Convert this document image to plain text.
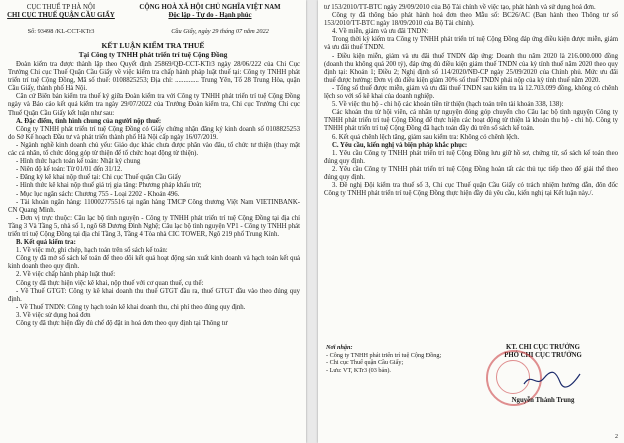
CỤC THUẾ TP HÀ NỘI
CHI CỤC THUẾ QUẬN CẦU GIẤY
CỘNG HOÀ XÃ HỘI CHỦ NGHĨA VIỆT NAM
Độc lập - Tự do - Hạnh phúc
Số: 93498 /KL-CCT-KTr3	Cầu Giấy, ngày 29 tháng 07 năm 2022
KẾT LUẬN KIỂM TRA THUẾ
Tại Công ty TNHH phát triển trí tuệ Cộng Đồng

Đoàn kiểm tra được thành lập theo Quyết định 25869/QĐ-CCT-KTr3 ngày 28/06/222 của Chi Cục Trưởng Chi cục Thuế Quận Cầu Giấy về việc kiểm tra chấp hành pháp luật thuế tại: Công ty TNHH phát triển trí tuệ Cộng Đồng, Mã số thuế: 0108825253; Địa chỉ: .............. Trung Yên, Tổ 28 Trung Hòa, quận Cầu Giấy, thành phố Hà Nội.

Căn cứ Biên bản kiểm tra thuế ký giữa Đoàn kiểm tra với Công ty TNHH phát triển trí tuệ Cộng Đồng ngày và Báo cáo kết quả kiểm tra ngày 29/07/2022 của Trưởng Đoàn kiểm tra, Chi cục Trưởng Chi cục Thuế Quận Cầu Giấy kết luận như sau:

A. Đặc điểm, tình hình chung của người nộp thuế:

Công ty TNHH phát triển trí tuệ Cộng Đồng có Giấy chứng nhận đăng ký kinh doanh số 0108825253 do Sở Kế hoạch Đầu tư và phát triển thành phố Hà Nội cấp ngày 16/07/2019.

- Ngành nghề kinh doanh chủ yếu: Giáo dục khác chưa được phân vào đâu, tổ chức tư thiện (thay mặt các cá nhân, tổ chức đóng góp từ thiện để tổ chức hoạt động từ thiện).

- Hình thức hạch toán kế toán: Nhật ký chung

- Niên độ kế toán: Từ 01/01 đến 31/12.

- Đăng ký kê khai nộp thuế tại: Chi cục Thuế quận Cầu Giấy

- Hình thức kê khai nộp thuế giá trị gia tăng: Phương pháp khấu trừ;

- Mục lục ngân sách: Chương 755 - Loại 2202 - Khoản 496.

- Tài khoản ngân hàng: 110002775516 tại ngân hàng TMCP Công thương Việt Nam VIETINBANK- CN Quang Minh.

- Đơn vị trực thuộc: Câu lạc bộ tình nguyện - Công ty TNHH phát triển trí tuệ Cộng Đồng tại địa chỉ Tầng 3 Và Tầng 5, nhà số 1, ngõ 68 Dương Đình Nghệ; Câu lạc bộ tình nguyện VP1 - Công ty TNHH phát triển trí tuệ Cộng Đồng tại địa chỉ Tầng 3, Tầng 4 Tòa nhà CIC TOWER, Ngõ 219 phố Trung Kính.

B. Kết quả kiểm tra:

1. Về việc mở, ghi chép, hạch toán trên sổ sách kế toán:

Công ty đã mở sổ sách kế toán để theo dõi kết quả hoạt động sản xuất kinh doanh và hạch toán kết quả kinh doanh theo quy định.

2. Về việc chấp hành pháp luật thuế:

Công ty đã thực hiện việc kê khai, nộp thuế với cơ quan thuế, cụ thể:

- Về Thuế GTGT: Công ty kê khai doanh thu thuế GTGT đầu ra, thuế GTGT đầu vào theo đúng quy định.

- Về Thuế TNDN: Công ty hạch toán kê khai doanh thu, chi phí theo đúng quy định.

3. Về việc sử dụng hoá đơn

Công ty đã thực hiện đầy đủ chế độ đặt in hoá đơn theo quy định tại Thông tư

tư 153/2010/TT-BTC ngày 29/09/2010 của Bộ Tài chính về việc tạo, phát hành và sử dụng hoá đơn.

Công ty đã thông báo phát hành hoá đơn theo Mẫu số: BC26/AC (Ban hành theo Thông tư số 153/2010/TT-BTC ngày 18/09/2010 của Bộ Tài chính).

4. Về miễn, giảm và ưu đãi TNDN:

Trong thời kỳ kiểm tra Công ty TNHH phát triển trí tuệ Cộng Đồng đáp ứng điều kiện được miễn, giảm và ưu đãi thuế TNDN.

- Điều kiện miễn, giảm và ưu đãi thuế TNDN đáp ứng: Doanh thu năm 2020 là 216.000.000 đồng (doanh thu không quá 200 tỷ), đáp ứng đủ điều kiện giảm thuế TNDN của kỳ tính thuế năm 2020 theo quy định tại: Khoản 1; Điều 2; Nghị định số 114/2020/NĐ-CP ngày 25/09/2020 của Chính phủ. Mức ưu đãi thuế được hưởng: Đơn vị đủ điều kiện giảm 30% số thuế TNDN phải nộp của kỳ tính thuế năm 2020.

- Tổng số thuế được miễn, giảm và ưu đãi thuế TNDN sau kiểm tra là 12.703.099 đồng, không có chênh lệch so với số kê khai của doanh nghiệp.

5. Về việc thu hộ - chi hộ các khoản tiền từ thiện (hạch toán trên tài khoản 338, 138):

Các khoản thu từ hội viên, cá nhân tự nguyện đóng góp chuyển cho Câu lạc bộ tình nguyện Công ty TNHH phát triển trí tuệ Cộng Đồng để thực hiện các hoạt động từ thiện là khoản thu hộ - chi hộ. Công ty TNHH phát triển trí tuệ Cộng Đồng đã hạch toán đầy đủ trên sổ sách kế toán.

6. Kết quả chênh lệch tăng, giảm sau kiểm tra: Không có chênh lệch.

C. Yêu cầu, kiến nghị và biện pháp khắc phục:

1. Yêu cầu Công ty TNHH phát triển trí tuệ Cộng Đồng lưu giữ hồ sơ, chứng từ, sổ sách kế toán theo đúng quy định.

2. Yêu cầu Công ty TNHH phát triển trí tuệ Cộng Đồng hoàn tất các thủ tục tiếp theo để giải thể theo đúng quy định.

3. Đề nghị Đội kiểm tra thuế số 3, Chi cục Thuế quận Cầu Giấy có trách nhiệm hướng dẫn, đôn đốc Công ty TNHH phát triển trí tuệ Cộng Đồng thực hiện đầy đủ yêu cầu, kiến nghị tại Kết luận này./.

Nơi nhận:
- Công ty TNHH phát triển trí tuệ Cộng Đồng;
- Chi cục Thuế quận Cầu Giấy;
- Lưu: VT, KTr3 (03 bản).
KT. CHI CỤC TRƯỞNG
PHÓ CHI CỤC TRƯỞNG
Nguyễn Thành Trung
2
